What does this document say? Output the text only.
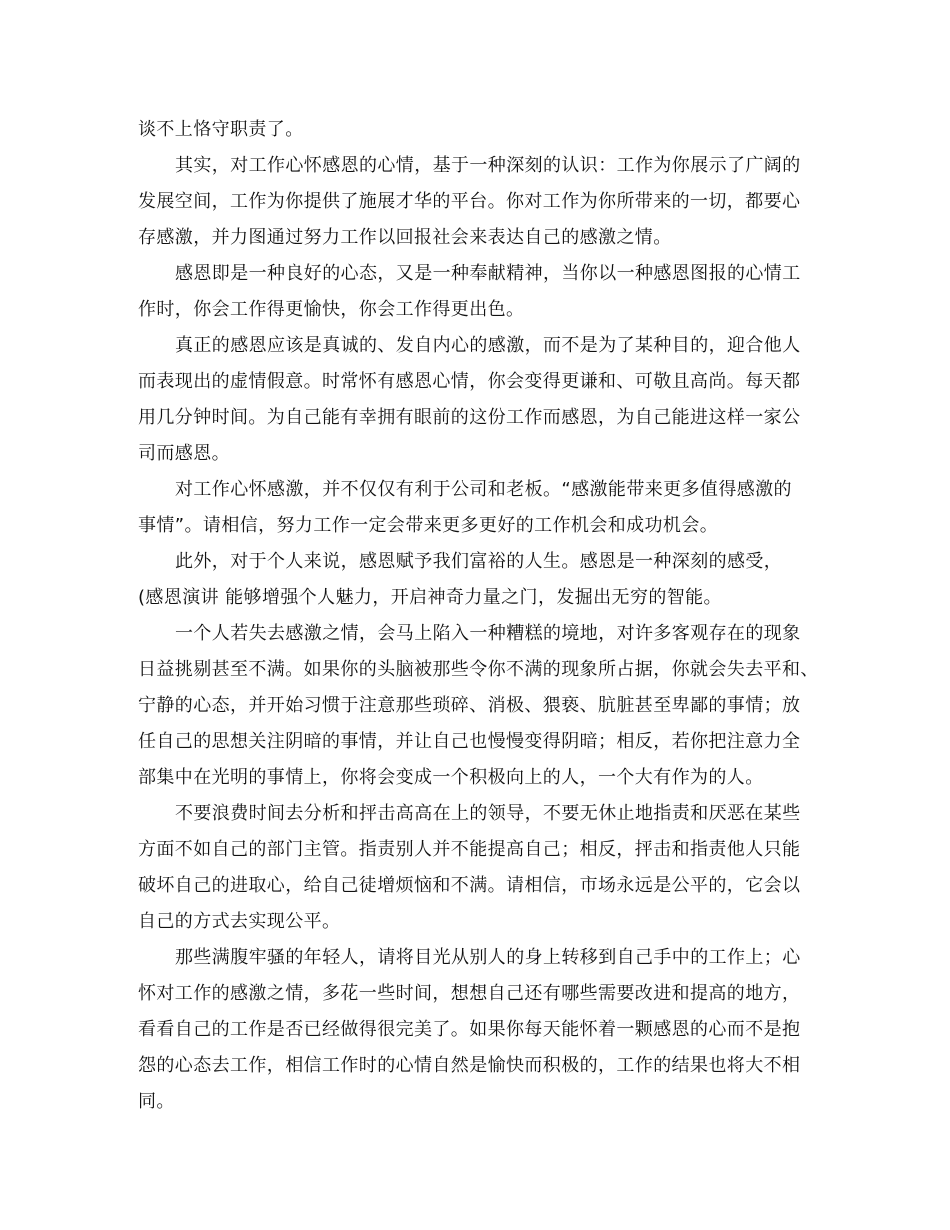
谈不上恪守职责了。
其实，对工作心怀感恩的心情，基于一种深刻的认识：工作为你展示了广阔的
发展空间，工作为你提供了施展才华的平台。你对工作为你所带来的一切，都要心
存感激，并力图通过努力工作以回报社会来表达自己的感激之情。
感恩即是一种良好的心态，又是一种奉献精神，当你以一种感恩图报的心情工
作时，你会工作得更愉快，你会工作得更出色。
真正的感恩应该是真诚的、发自内心的感激，而不是为了某种目的，迎合他人
而表现出的虚情假意。时常怀有感恩心情，你会变得更谦和、可敬且高尚。每天都
用几分钟时间。为自己能有幸拥有眼前的这份工作而感恩，为自己能进这样一家公
司而感恩。
对工作心怀感激，并不仅仅有利于公司和老板。“感激能带来更多值得感激的
事情”。请相信，努力工作一定会带来更多更好的工作机会和成功机会。
此外，对于个人来说，感恩赋予我们富裕的人生。感恩是一种深刻的感受，
(感恩演讲 能够增强个人魅力，开启神奇力量之门，发掘出无穷的智能。
一个人若失去感激之情，会马上陷入一种糟糕的境地，对许多客观存在的现象
日益挑剔甚至不满。如果你的头脑被那些令你不满的现象所占据，你就会失去平和、
宁静的心态，并开始习惯于注意那些琐碎、消极、猥亵、肮脏甚至卑鄙的事情；放
任自己的思想关注阴暗的事情，并让自己也慢慢变得阴暗；相反，若你把注意力全
部集中在光明的事情上，你将会变成一个积极向上的人，一个大有作为的人。
不要浪费时间去分析和抨击高高在上的领导，不要无休止地指责和厌恶在某些
方面不如自己的部门主管。指责别人并不能提高自己；相反，抨击和指责他人只能
破坏自己的进取心，给自己徒增烦恼和不满。请相信，市场永远是公平的，它会以
自己的方式去实现公平。
那些满腹牢骚的年轻人，请将目光从别人的身上转移到自己手中的工作上；心
怀对工作的感激之情，多花一些时间，想想自己还有哪些需要改进和提高的地方，
看看自己的工作是否已经做得很完美了。如果你每天能怀着一颗感恩的心而不是抱
怨的心态去工作，相信工作时的心情自然是愉快而积极的，工作的结果也将大不相
同。
